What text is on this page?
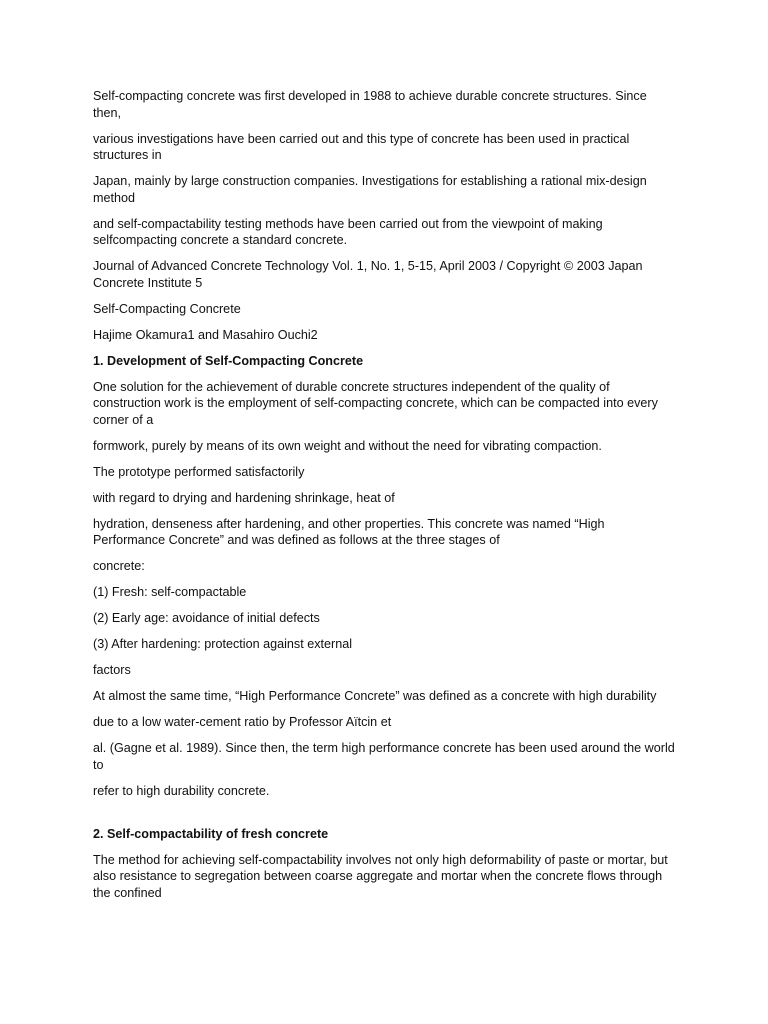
Self-compacting concrete was first developed in 1988 to achieve durable concrete structures. Since then,

various investigations have been carried out and this type of concrete has been used in practical structures in

Japan, mainly by large construction companies. Investigations for establishing a rational mix-design method

and self-compactability testing methods have been carried out from the viewpoint of making selfcompacting concrete a standard concrete.

Journal of Advanced Concrete Technology Vol. 1, No. 1, 5-15, April 2003 / Copyright © 2003 Japan Concrete Institute 5

Self-Compacting Concrete

Hajime Okamura1 and Masahiro Ouchi2

1. Development of Self-Compacting Concrete

One solution for the achievement of durable concrete structures independent of the quality of construction work is the employment of self-compacting concrete, which can be compacted into every corner of a

formwork, purely by means of its own weight and without the need for vibrating compaction.

The prototype performed satisfactorily

with regard to drying and hardening shrinkage, heat of

hydration, denseness after hardening, and other properties. This concrete was named “High Performance Concrete” and was defined as follows at the three stages of

concrete:

(1) Fresh: self-compactable

(2) Early age: avoidance of initial defects

(3) After hardening: protection against external

factors

At almost the same time, “High Performance Concrete” was defined as a concrete with high durability

due to a low water-cement ratio by Professor Aïtcin et

al. (Gagne et al. 1989). Since then, the term high performance concrete has been used around the world to

refer to high durability concrete.

2. Self-compactability of fresh concrete

The method for achieving self-compactability involves not only high deformability of paste or mortar, but also resistance to segregation between coarse aggregate and mortar when the concrete flows through the confined
